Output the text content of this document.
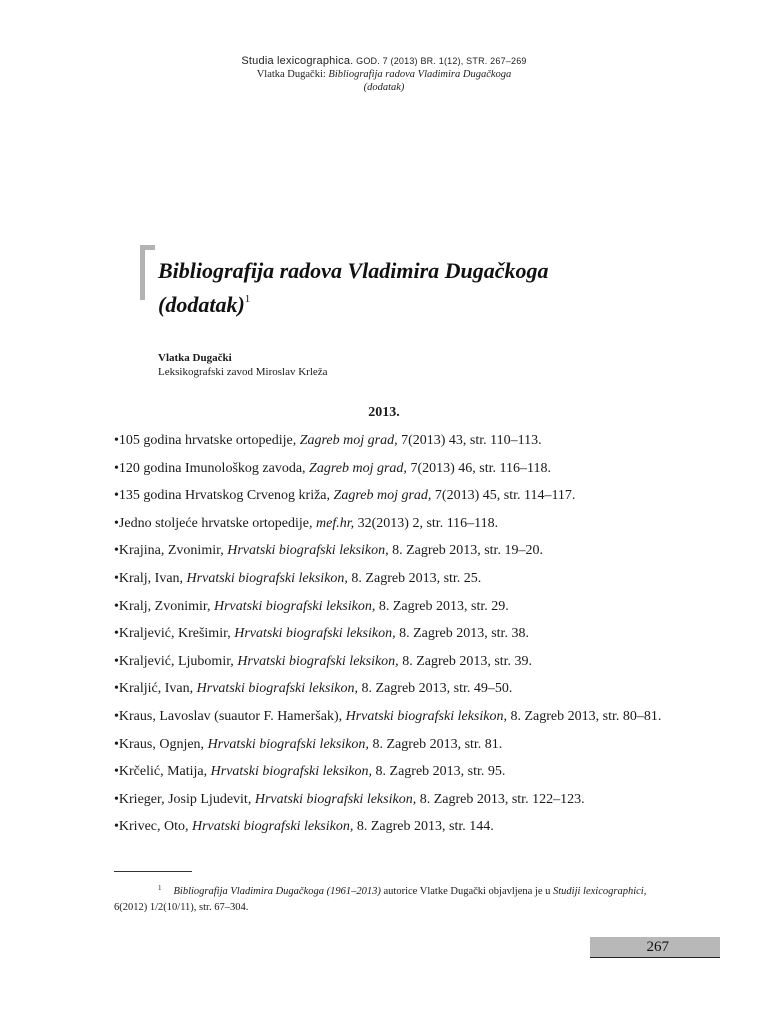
Studia lexicographica. GOD. 7 (2013) BR. 1(12), STR. 267–269
Vlatka Dugački: Bibliografija radova Vladimira Dugačkoga
(dodatak)
Bibliografija radova Vladimira Dugačkoga
(dodatak)$^1$
Vlatka Dugački
Leksikografski zavod Miroslav Krleža
2013.
•105 godina hrvatske ortopedije, Zagreb moj grad, 7(2013) 43, str. 110–113.
•120 godina Imunološkog zavoda, Zagreb moj grad, 7(2013) 46, str. 116–118.
•135 godina Hrvatskog Crvenog križa, Zagreb moj grad, 7(2013) 45, str. 114–117.
•Jedno stoljeće hrvatske ortopedije, mef.hr, 32(2013) 2, str. 116–118.
•Krajina, Zvonimir, Hrvatski biografski leksikon, 8. Zagreb 2013, str. 19–20.
•Kralj, Ivan, Hrvatski biografski leksikon, 8. Zagreb 2013, str. 25.
•Kralj, Zvonimir, Hrvatski biografski leksikon, 8. Zagreb 2013, str. 29.
•Kraljević, Krešimir, Hrvatski biografski leksikon, 8. Zagreb 2013, str. 38.
•Kraljević, Ljubomir, Hrvatski biografski leksikon, 8. Zagreb 2013, str. 39.
•Kraljić, Ivan, Hrvatski biografski leksikon, 8. Zagreb 2013, str. 49–50.
•Kraus, Lavoslav (suautor F. Hameršak), Hrvatski biografski leksikon, 8. Zagreb 2013, str. 80–81.
•Kraus, Ognjen, Hrvatski biografski leksikon, 8. Zagreb 2013, str. 81.
•Krčelić, Matija, Hrvatski biografski leksikon, 8. Zagreb 2013, str. 95.
•Krieger, Josip Ljudevit, Hrvatski biografski leksikon, 8. Zagreb 2013, str. 122–123.
•Krivec, Oto, Hrvatski biografski leksikon, 8. Zagreb 2013, str. 144.
$^1$ Bibliografija Vladimira Dugačkoga (1961–2013) autorice Vlatke Dugački objavljena je u Studiji lexicographici, 6(2012) 1/2(10/11), str. 67–304.
267
